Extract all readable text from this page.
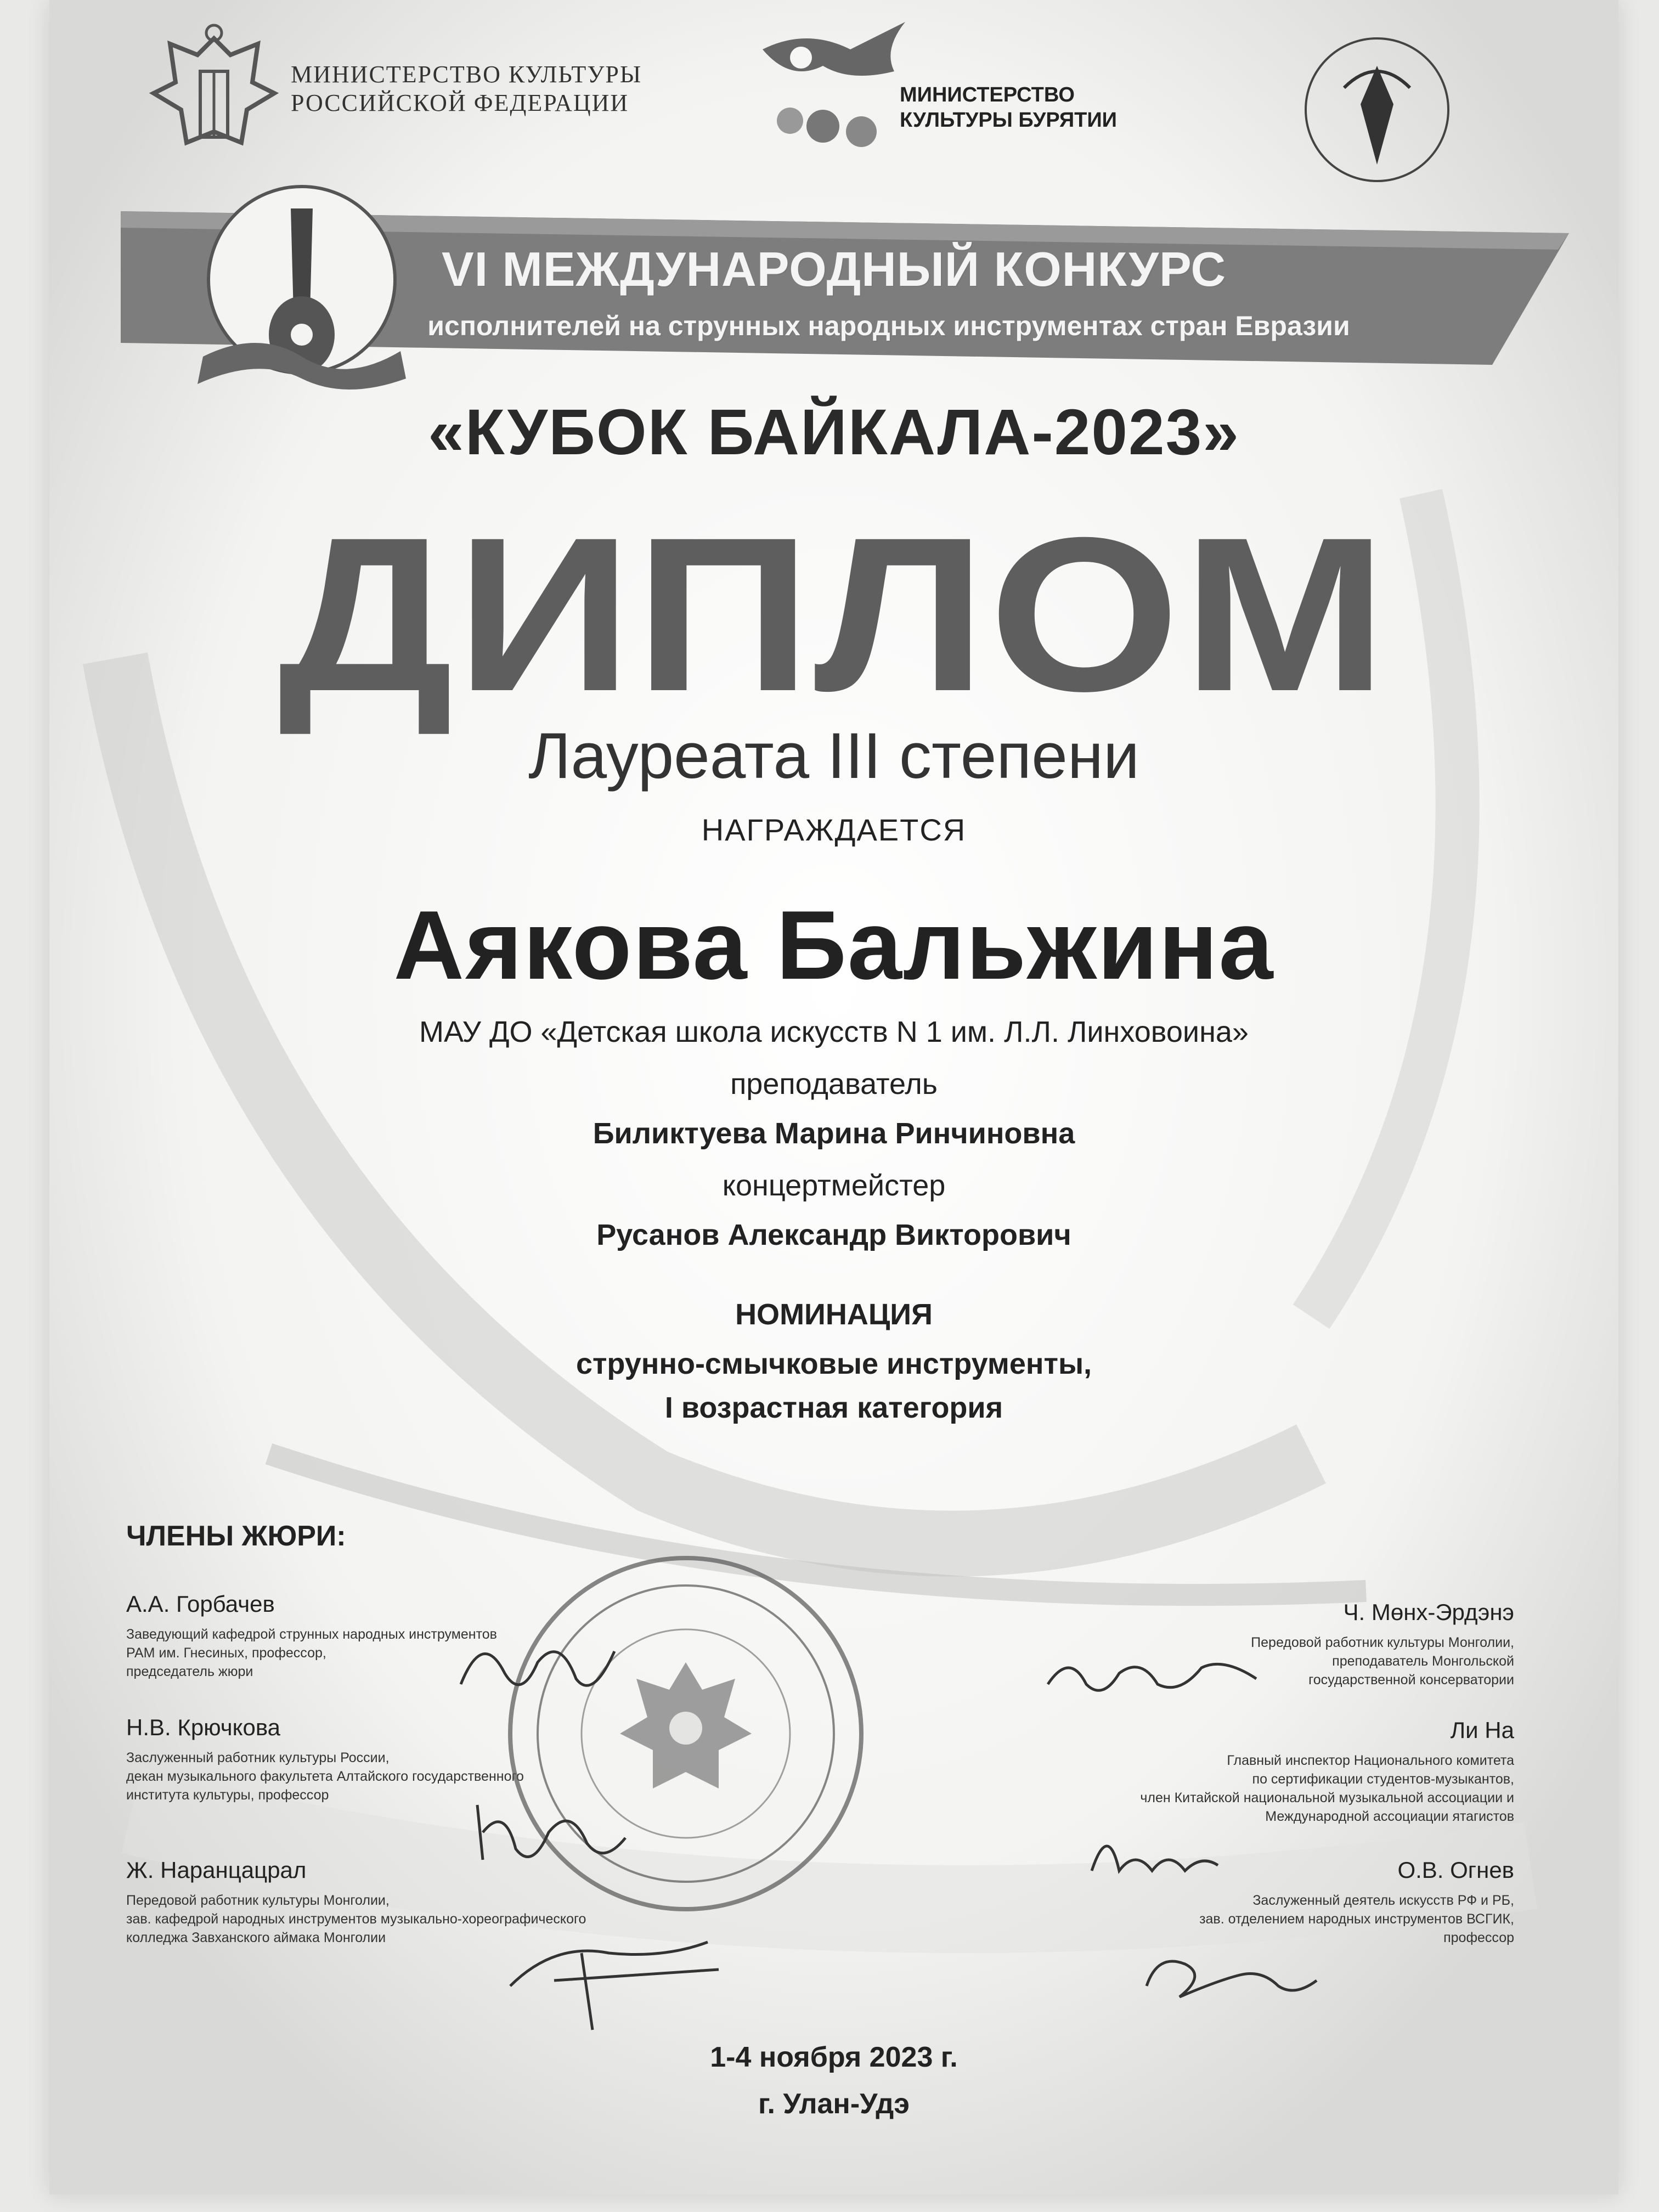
МИНИСТЕРСТВО КУЛЬТУРЫ
РОССИЙСКОЙ ФЕДЕРАЦИИ	МИНИСТЕРСТВО
КУЛЬТУРЫ БУРЯТИИ
VI МЕЖДУНАРОДНЫЙ КОНКУРС
исполнителей на струнных народных инструментах стран Евразии
«КУБОК БАЙКАЛА-2023»
ДИПЛОМ
Лауреата III степени
НАГРАЖДАЕТСЯ
Аякова Бальжина
МАУ ДО «Детская школа искусств N 1 им. Л.Л. Линховоина»
преподаватель
Биликтуева Марина Ринчиновна
концертмейстер
Русанов Александр Викторович
НОМИНАЦИЯ
струнно-смычковые инструменты,
I возрастная категория
ЧЛЕНЫ ЖЮРИ:
А.А. Горбачев
Заведующий кафедрой струнных народных инструментов
РАМ им. Гнесиных, профессор,
председатель жюри
Н.В. Крючкова
Заслуженный работник культуры России,
декан музыкального факультета Алтайского государственного
института культуры, профессор
Ж. Наранцацрал
Передовой работник культуры Монголии,
зав. кафедрой народных инструментов музыкально-хореографического
колледжа Завханского аймака Монголии
Ч. Мөнх-Эрдэнэ
Передовой работник культуры Монголии,
преподаватель Монгольской
государственной консерватории
Ли На
Главный инспектор Национального комитета
по сертификации студентов-музыкантов,
член Китайской национальной музыкальной ассоциации и
Международной ассоциации ятагистов
О.В. Огнев
Заслуженный деятель искусств РФ и РБ,
зав. отделением народных инструментов ВСГИК,
профессор
1-4 ноября 2023 г.
г. Улан-Удэ
